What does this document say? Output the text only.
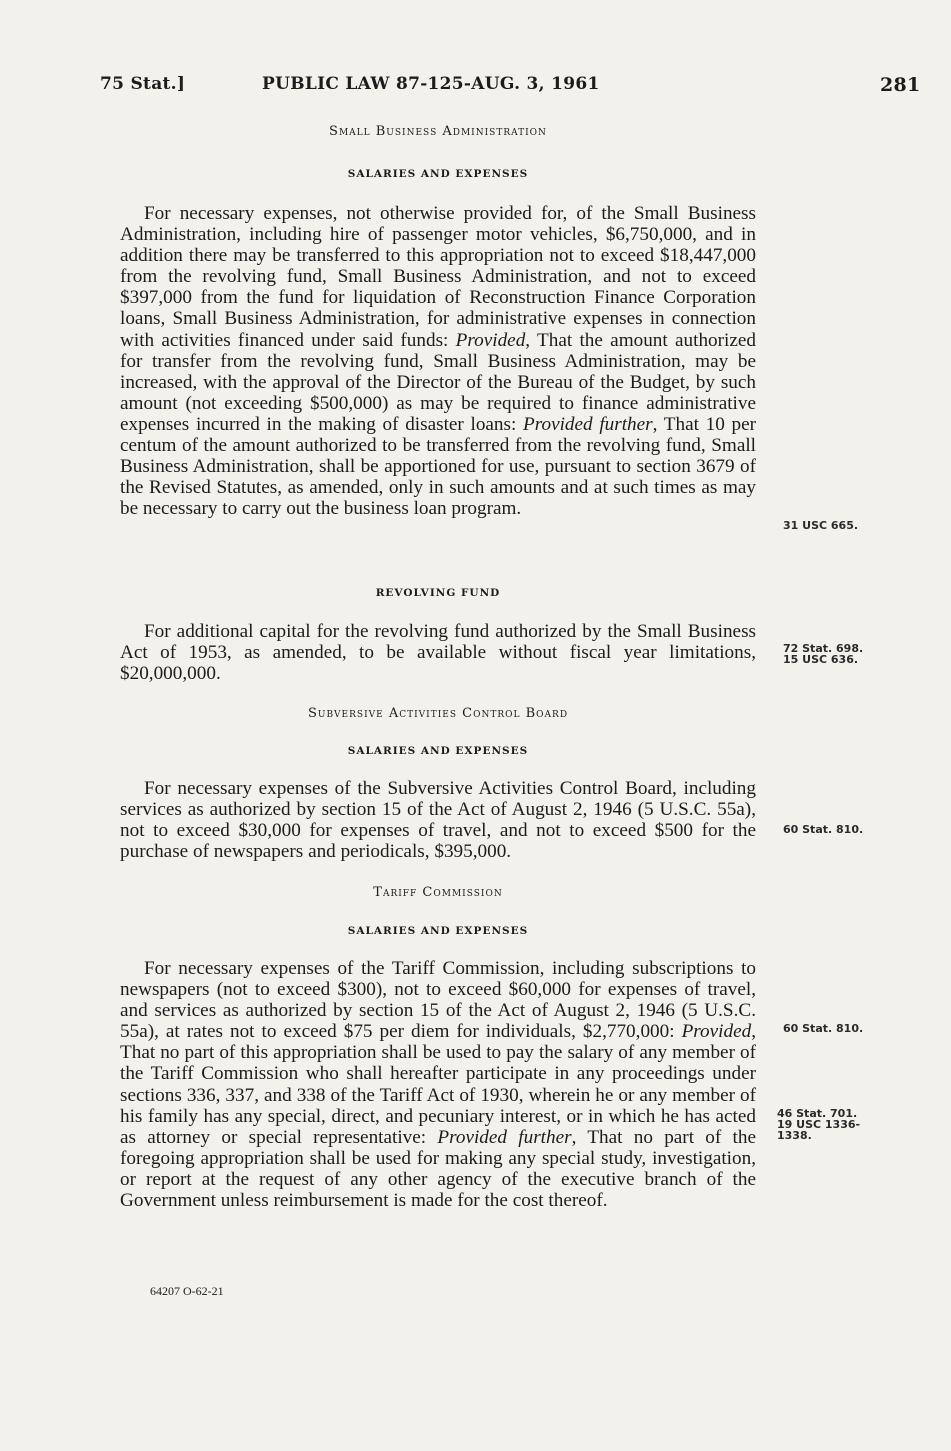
75 Stat.]	PUBLIC LAW 87-125-AUG. 3, 1961	281
Small Business Administration
SALARIES AND EXPENSES

For necessary expenses, not otherwise provided for, of the Small Business Administration, including hire of passenger motor vehicles, $6,750,000, and in addition there may be transferred to this appropriation not to exceed $18,447,000 from the revolving fund, Small Business Administration, and not to exceed $397,000 from the fund for liquidation of Reconstruction Finance Corporation loans, Small Business Administration, for administrative expenses in connection with activities financed under said funds: Provided, That the amount authorized for transfer from the revolving fund, Small Business Administration, may be increased, with the approval of the Director of the Bureau of the Budget, by such amount (not exceeding $500,000) as may be required to finance administrative expenses incurred in the making of disaster loans: Provided further, That 10 per centum of the amount authorized to be transferred from the revolving fund, Small Business Administration, shall be apportioned for use, pursuant to section 3679 of the Revised Statutes, as amended, only in such amounts and at such times as may be necessary to carry out the business loan program.

REVOLVING FUND

For additional capital for the revolving fund authorized by the Small Business Act of 1953, as amended, to be available without fiscal year limitations, $20,000,000.

Subversive Activities Control Board
SALARIES AND EXPENSES

For necessary expenses of the Subversive Activities Control Board, including services as authorized by section 15 of the Act of August 2, 1946 (5 U.S.C. 55a), not to exceed $30,000 for expenses of travel, and not to exceed $500 for the purchase of newspapers and periodicals, $395,000.

Tariff Commission
SALARIES AND EXPENSES

For necessary expenses of the Tariff Commission, including subscriptions to newspapers (not to exceed $300), not to exceed $60,000 for expenses of travel, and services as authorized by section 15 of the Act of August 2, 1946 (5 U.S.C. 55a), at rates not to exceed $75 per diem for individuals, $2,770,000: Provided, That no part of this appropriation shall be used to pay the salary of any member of the Tariff Commission who shall hereafter participate in any proceedings under sections 336, 337, and 338 of the Tariff Act of 1930, wherein he or any member of his family has any special, direct, and pecuniary interest, or in which he has acted as attorney or special representative: Provided further, That no part of the foregoing appropriation shall be used for making any special study, investigation, or report at the request of any other agency of the executive branch of the Government unless reimbursement is made for the cost thereof.

31 USC 665.
72 Stat. 698.
15 USC 636.
60 Stat. 810.
60 Stat. 810.
46 Stat. 701.
19 USC 1336-
1338.
64207 O-62-21
